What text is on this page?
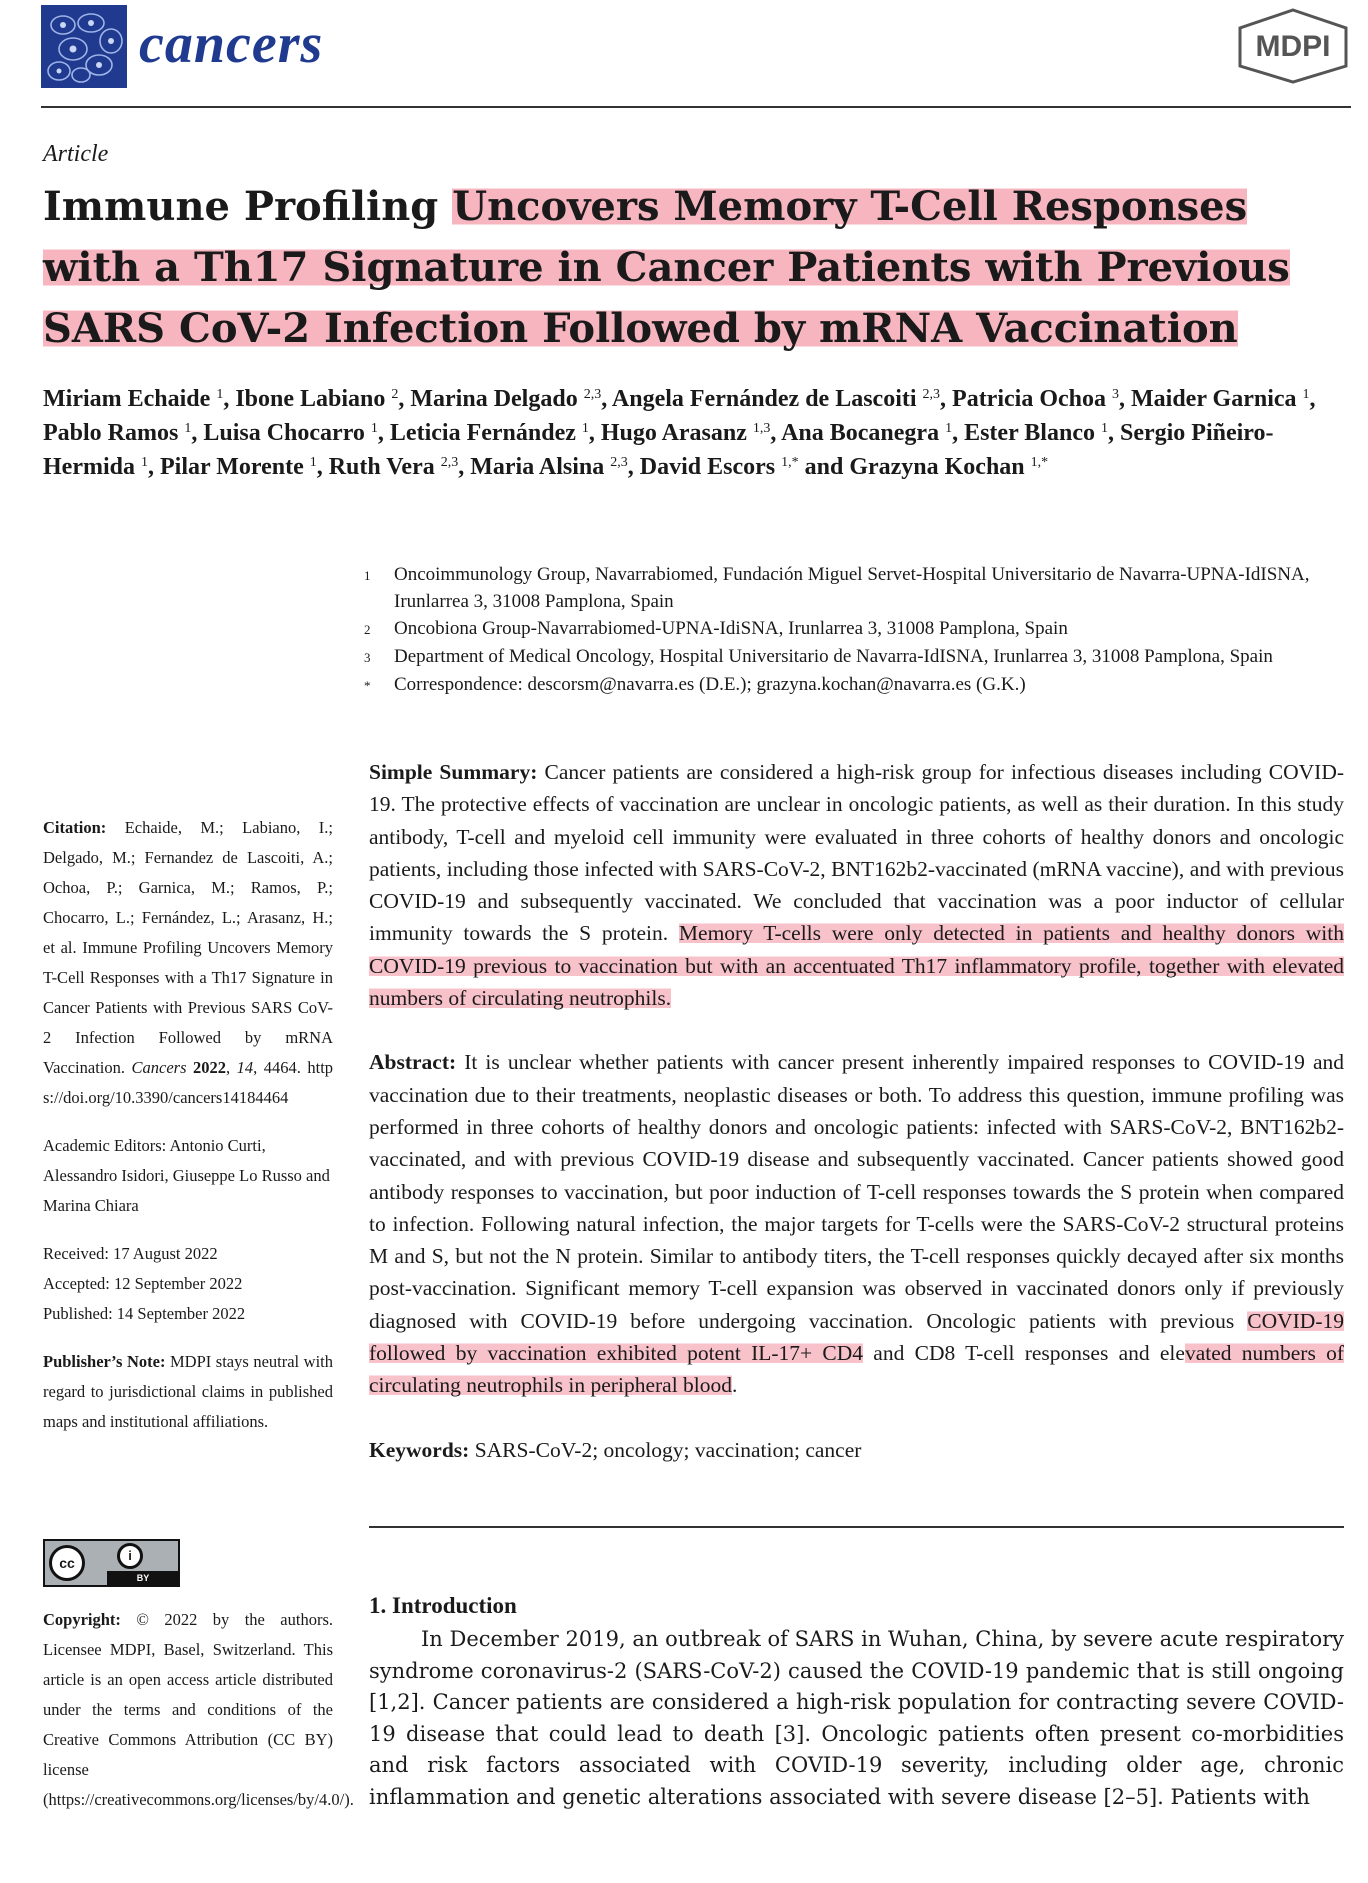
cancers	MDPI
Article
Immune Profiling Uncovers Memory T-Cell Responses
with a Th17 Signature in Cancer Patients with Previous
SARS CoV-2 Infection Followed by mRNA Vaccination
Miriam Echaide $^1$, Ibone Labiano $^2$, Marina Delgado $^{2,3}$, Angela Fernández de Lascoiti $^{2,3}$, Patricia Ochoa $^3$, Maider Garnica $^1$, Pablo Ramos $^1$, Luisa Chocarro $^1$, Leticia Fernández $^1$, Hugo Arasanz $^{1,3}$, Ana Bocanegra $^1$, Ester Blanco $^1$, Sergio Piñeiro-Hermida $^1$, Pilar Morente $^1$, Ruth Vera $^{2,3}$, Maria Alsina $^{2,3}$, David Escors $^{1,*}$ and Grazyna Kochan $^{1,*}$
1	Oncoimmunology Group, Navarrabiomed, Fundación Miguel Servet-Hospital Universitario de Navarra-UPNA-IdISNA, Irunlarrea 3, 31008 Pamplona, Spain
2	Oncobiona Group-Navarrabiomed-UPNA-IdiSNA, Irunlarrea 3, 31008 Pamplona, Spain
3	Department of Medical Oncology, Hospital Universitario de Navarra-IdISNA, Irunlarrea 3, 31008 Pamplona, Spain
*	Correspondence: descorsm@navarra.es (D.E.); grazyna.kochan@navarra.es (G.K.)

Citation: Echaide, M.; Labiano, I.; Delgado, M.; Fernandez de Lascoiti, A.; Ochoa, P.; Garnica, M.; Ramos, P.; Chocarro, L.; Fernández, L.; Arasanz, H.; et al. Immune Profiling Uncovers Memory T-Cell Responses with a Th17 Signature in Cancer Patients with Previous SARS CoV-2 Infection Followed by mRNA Vaccination. Cancers 2022, 14, 4464. https://doi.org/10.3390/cancers14184464

Academic Editors: Antonio Curti, Alessandro Isidori, Giuseppe Lo Russo and Marina Chiara

Received: 17 August 2022

Accepted: 12 September 2022

Published: 14 September 2022

Publisher’s Note: MDPI stays neutral with regard to jurisdictional claims in published maps and institutional affiliations.

cc	i
BY
Copyright: © 2022 by the authors. Licensee MDPI, Basel, Switzerland. This article is an open access article distributed under the terms and conditions of the Creative Commons Attribution (CC BY) license (https://creativecommons.org/licenses/by/4.0/).

Simple Summary: Cancer patients are considered a high-risk group for infectious diseases including COVID-19. The protective effects of vaccination are unclear in oncologic patients, as well as their duration. In this study antibody, T-cell and myeloid cell immunity were evaluated in three cohorts of healthy donors and oncologic patients, including those infected with SARS-CoV-2, BNT162b2-vaccinated (mRNA vaccine), and with previous COVID-19 and subsequently vaccinated. We concluded that vaccination was a poor inductor of cellular immunity towards the S protein. Memory T-cells were only detected in patients and healthy donors with COVID-19 previous to vaccination but with an accentuated Th17 inflammatory profile, together with elevated numbers of circulating neutrophils.

Abstract: It is unclear whether patients with cancer present inherently impaired responses to COVID-19 and vaccination due to their treatments, neoplastic diseases or both. To address this question, immune profiling was performed in three cohorts of healthy donors and oncologic patients: infected with SARS-CoV-2, BNT162b2-vaccinated, and with previous COVID-19 disease and subsequently vaccinated. Cancer patients showed good antibody responses to vaccination, but poor induction of T-cell responses towards the S protein when compared to infection. Following natural infection, the major targets for T-cells were the SARS-CoV-2 structural proteins M and S, but not the N protein. Similar to antibody titers, the T-cell responses quickly decayed after six months post-vaccination. Significant memory T-cell expansion was observed in vaccinated donors only if previously diagnosed with COVID-19 before undergoing vaccination. Oncologic patients with previous COVID-19 followed by vaccination exhibited potent IL-17+ CD4 and CD8 T-cell responses and elevated numbers of circulating neutrophils in peripheral blood.

Keywords: SARS-CoV-2; oncology; vaccination; cancer

1. Introduction
In December 2019, an outbreak of SARS in Wuhan, China, by severe acute respiratory syndrome coronavirus-2 (SARS-CoV-2) caused the COVID-19 pandemic that is still ongoing [1,2]. Cancer patients are considered a high-risk population for contracting severe COVID-19 disease that could lead to death [3]. Oncologic patients often present co-morbidities and risk factors associated with COVID-19 severity, including older age, chronic inflammation and genetic alterations associated with severe disease [2–5]. Patients with
